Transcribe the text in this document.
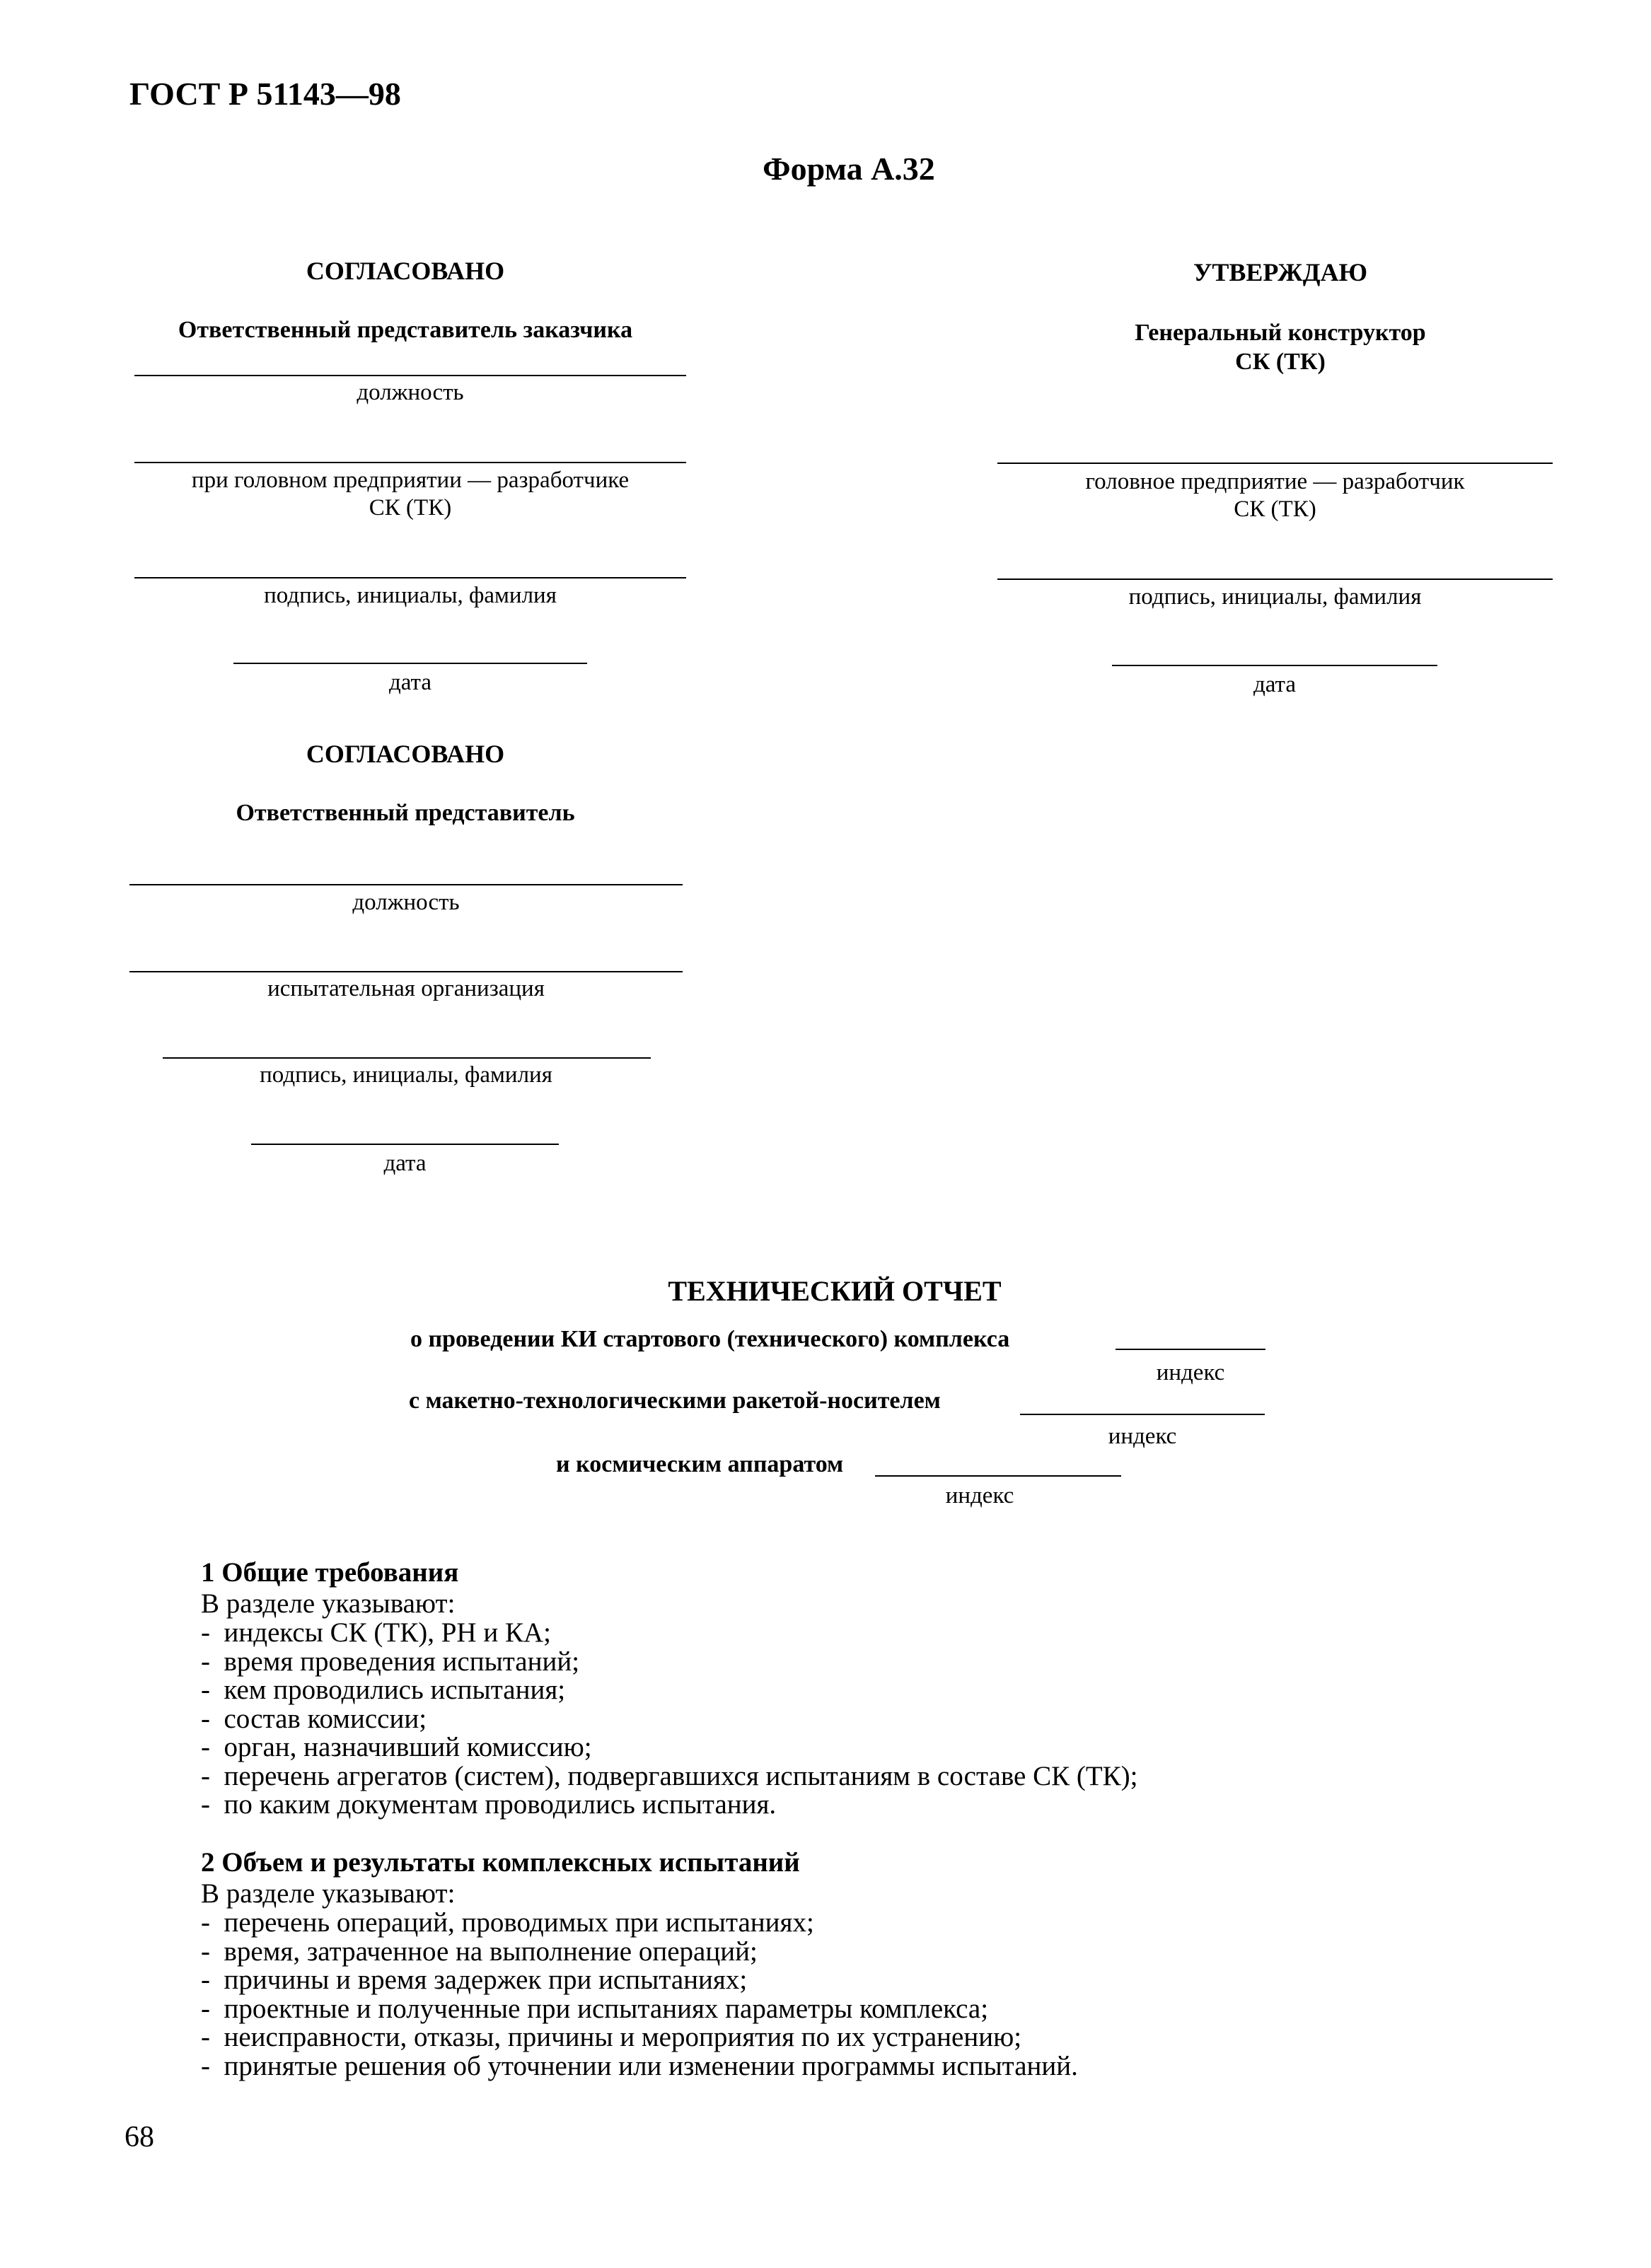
ГОСТ Р 51143—98
Форма А.32
СОГЛАСОВАНО
Ответственный представитель заказчика
должность
при головном предприятии — разработчике
СК (ТК)
подпись, инициалы, фамилия
дата
УТВЕРЖДАЮ
Генеральный конструктор
СК (ТК)
головное предприятие — разработчик
СК (ТК)
подпись, инициалы, фамилия
дата
СОГЛАСОВАНО
Ответственный представитель
должность
испытательная организация
подпись, инициалы, фамилия
дата
ТЕХНИЧЕСКИЙ ОТЧЕТ
о проведении КИ стартового (технического) комплекса
индекс
с макетно-технологическими ракетой-носителем
индекс
и космическим аппаратом
индекс
1 Общие требования
В разделе указывают:
-  индексы СК (ТК), РН и КА;
-  время проведения испытаний;
-  кем проводились испытания;
-  состав комиссии;
-  орган, назначивший комиссию;
-  перечень агрегатов (систем), подвергавшихся испытаниям в составе СК (ТК);
-  по каким документам проводились испытания.
2 Объем и результаты комплексных испытаний
В разделе указывают:
-  перечень операций, проводимых при испытаниях;
-  время, затраченное на выполнение операций;
-  причины и время задержек при испытаниях;
-  проектные и полученные при испытаниях параметры комплекса;
-  неисправности, отказы, причины и мероприятия по их устранению;
-  принятые решения об уточнении или изменении программы испытаний.
68
